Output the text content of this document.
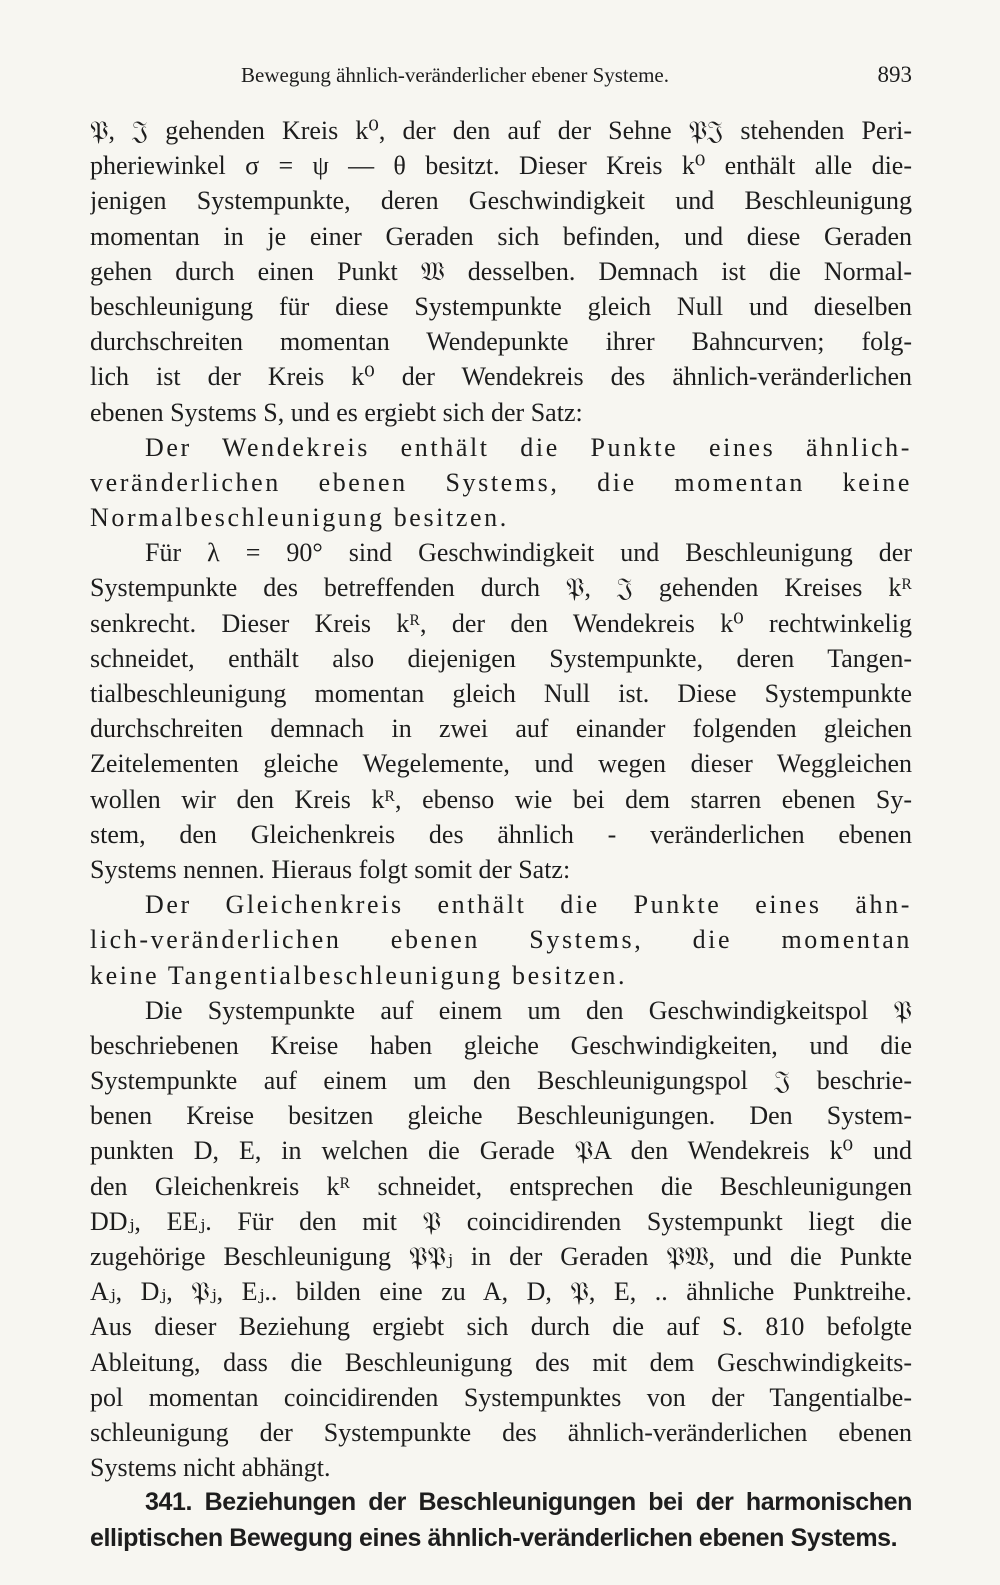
Bewegung ähnlich-veränderlicher ebener Systeme.	893
𝔓, 𝔍 gehenden Kreis k⁰, der den auf der Sehne 𝔓𝔍 stehenden Peri-
pheriewinkel σ = ψ — θ besitzt. Dieser Kreis k⁰ enthält alle die-
jenigen Systempunkte, deren Geschwindigkeit und Beschleunigung
momentan in je einer Geraden sich befinden, und diese Geraden
gehen durch einen Punkt 𝔚 desselben. Demnach ist die Normal-
beschleunigung für diese Systempunkte gleich Null und dieselben
durchschreiten momentan Wendepunkte ihrer Bahncurven; folg-
lich ist der Kreis k⁰ der Wendekreis des ähnlich-veränderlichen
ebenen Systems S, und es ergiebt sich der Satz:
Der Wendekreis enthält die Punkte eines ähnlich-
veränderlichen ebenen Systems, die momentan keine
Normalbeschleunigung besitzen.
Für λ = 90° sind Geschwindigkeit und Beschleunigung der
Systempunkte des betreffenden durch 𝔓, 𝔍 gehenden Kreises kᴿ
senkrecht. Dieser Kreis kᴿ, der den Wendekreis k⁰ rechtwinkelig
schneidet, enthält also diejenigen Systempunkte, deren Tangen-
tialbeschleunigung momentan gleich Null ist. Diese Systempunkte
durchschreiten demnach in zwei auf einander folgenden gleichen
Zeitelementen gleiche Wegelemente, und wegen dieser Weggleichen
wollen wir den Kreis kᴿ, ebenso wie bei dem starren ebenen Sy-
stem, den Gleichenkreis des ähnlich - veränderlichen ebenen
Systems nennen. Hieraus folgt somit der Satz:
Der Gleichenkreis enthält die Punkte eines ähn-
lich-veränderlichen ebenen Systems, die momentan
keine Tangentialbeschleunigung besitzen.
Die Systempunkte auf einem um den Geschwindigkeitspol 𝔓
beschriebenen Kreise haben gleiche Geschwindigkeiten, und die
Systempunkte auf einem um den Beschleunigungspol 𝔍 beschrie-
benen Kreise besitzen gleiche Beschleunigungen. Den System-
punkten D, E, in welchen die Gerade 𝔓A den Wendekreis k⁰ und
den Gleichenkreis kᴿ schneidet, entsprechen die Beschleunigungen
DDⱼ, EEⱼ. Für den mit 𝔓 coincidirenden Systempunkt liegt die
zugehörige Beschleunigung 𝔓𝔓ⱼ in der Geraden 𝔓𝔚, und die Punkte
Aⱼ, Dⱼ, 𝔓ⱼ, Eⱼ.. bilden eine zu A, D, 𝔓, E, .. ähnliche Punktreihe.
Aus dieser Beziehung ergiebt sich durch die auf S. 810 befolgte
Ableitung, dass die Beschleunigung des mit dem Geschwindigkeits-
pol momentan coincidirenden Systempunktes von der Tangentialbe-
schleunigung der Systempunkte des ähnlich-veränderlichen ebenen
Systems nicht abhängt.
341. Beziehungen der Beschleunigungen bei der harmonischen
elliptischen Bewegung eines ähnlich-veränderlichen ebenen Systems.
